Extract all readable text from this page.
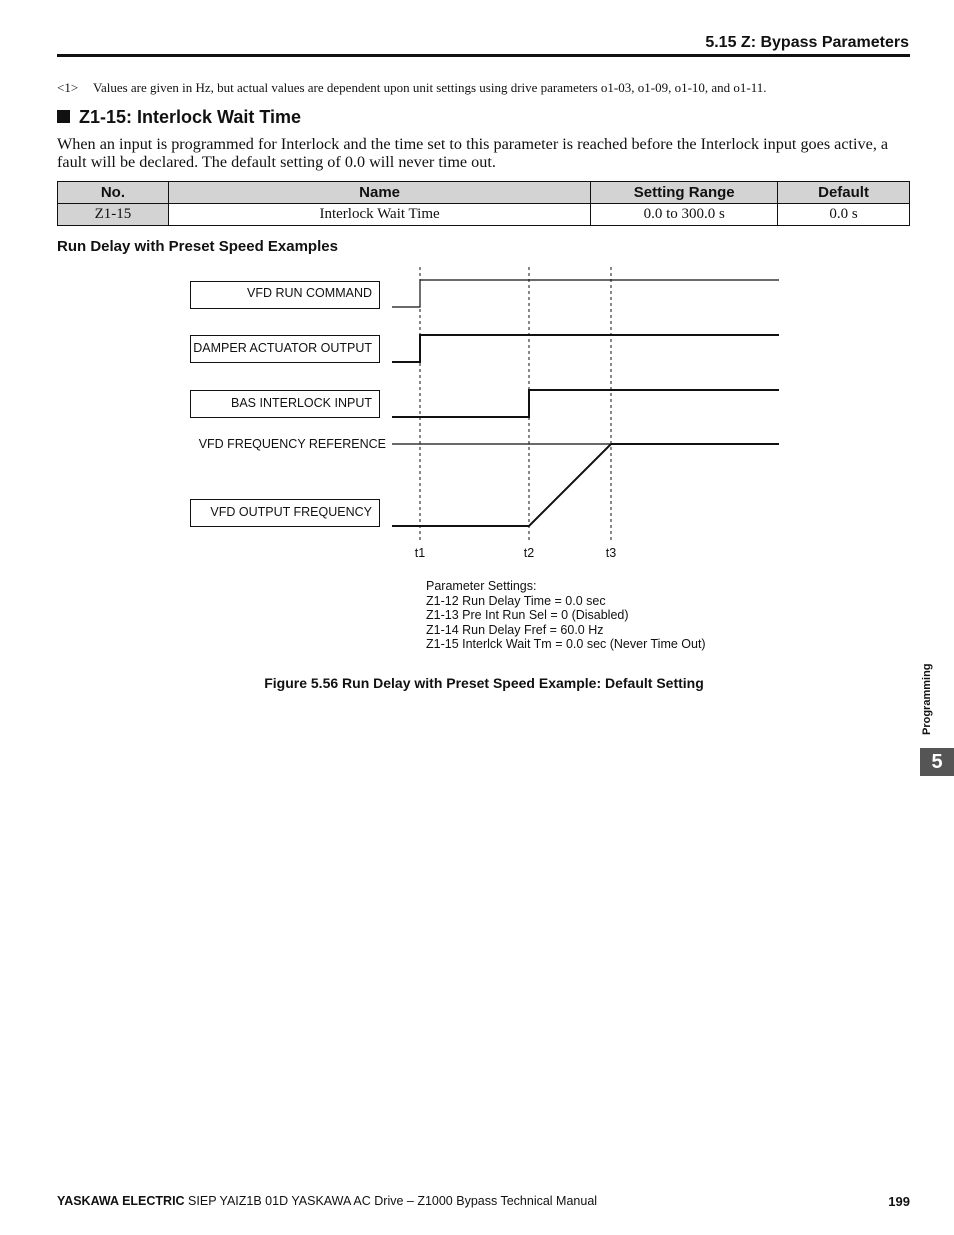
5.15 Z: Bypass Parameters
<1> Values are given in Hz, but actual values are dependent upon unit settings using drive parameters o1-03, o1-09, o1-10, and o1-11.
Z1-15: Interlock Wait Time
When an input is programmed for Interlock and the time set to this parameter is reached before the Interlock input goes active, a fault will be declared. The default setting of 0.0 will never time out.
No.	Name	Setting Range	Default
Z1-15	Interlock Wait Time	0.0 to 300.0 s	0.0 s
Run Delay with Preset Speed Examples
VFD RUN COMMAND
DAMPER ACTUATOR OUTPUT
BAS INTERLOCK INPUT
VFD FREQUENCY REFERENCE
VFD OUTPUT FREQUENCY
t1	t2	t3
Parameter Settings:
Z1-12 Run Delay Time = 0.0 sec
Z1-13 Pre Int Run Sel = 0 (Disabled)
Z1-14 Run Delay Fref = 60.0 Hz
Z1-15 Interlck Wait Tm = 0.0 sec (Never Time Out)
Figure 5.56 Run Delay with Preset Speed Example: Default Setting	Programming
5
YASKAWA ELECTRIC SIEP YAIZ1B 01D YASKAWA AC Drive – Z1000 Bypass Technical Manual	199
